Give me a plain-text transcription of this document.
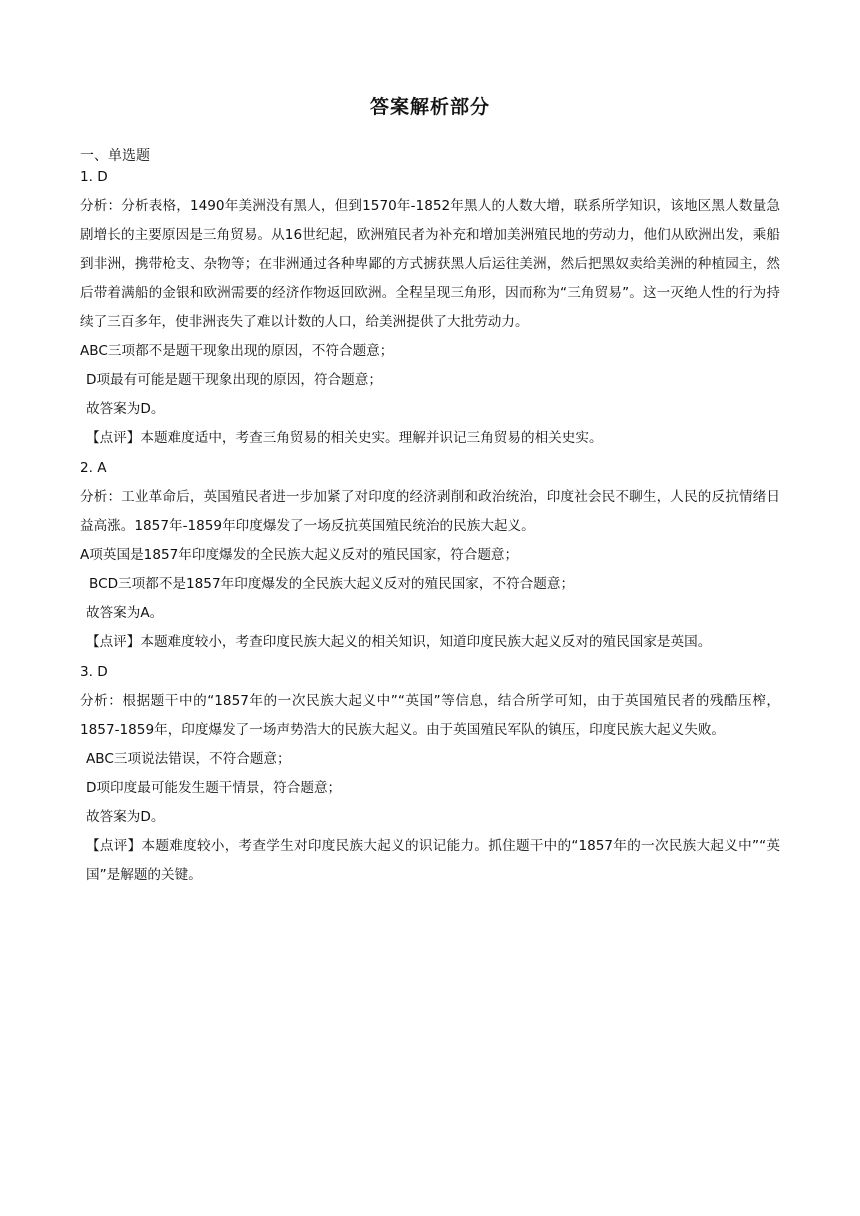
答案解析部分
一、单选题

1. D

分析：分析表格，1490年美洲没有黑人，但到1570年-1852年黑人的人数大增，联系所学知识，该地区黑人数量急剧增长的主要原因是三角贸易。从16世纪起，欧洲殖民者为补充和增加美洲殖民地的劳动力，他们从欧洲出发，乘船到非洲，携带枪支、杂物等；在非洲通过各种卑鄙的方式掳获黑人后运往美洲，然后把黑奴卖给美洲的种植园主，然后带着满船的金银和欧洲需要的经济作物返回欧洲。全程呈现三角形，因而称为“三角贸易”。这一灭绝人性的行为持续了三百多年，使非洲丧失了难以计数的人口，给美洲提供了大批劳动力。

ABC三项都不是题干现象出现的原因，不符合题意；

D项最有可能是题干现象出现的原因，符合题意；

故答案为D。

【点评】本题难度适中，考查三角贸易的相关史实。理解并识记三角贸易的相关史实。

2. A

分析：工业革命后，英国殖民者进一步加紧了对印度的经济剥削和政治统治，印度社会民不聊生，人民的反抗情绪日益高涨。1857年-1859年印度爆发了一场反抗英国殖民统治的民族大起义。

A项英国是1857年印度爆发的全民族大起义反对的殖民国家，符合题意；

BCD三项都不是1857年印度爆发的全民族大起义反对的殖民国家，不符合题意；

故答案为A。

【点评】本题难度较小，考查印度民族大起义的相关知识，知道印度民族大起义反对的殖民国家是英国。

3. D

分析：根据题干中的“1857年的一次民族大起义中”“英国”等信息，结合所学可知，由于英国殖民者的残酷压榨，1857-1859年，印度爆发了一场声势浩大的民族大起义。由于英国殖民军队的镇压，印度民族大起义失败。

ABC三项说法错误，不符合题意；

D项印度最可能发生题干情景，符合题意；

故答案为D。

【点评】本题难度较小，考查学生对印度民族大起义的识记能力。抓住题干中的“1857年的一次民族大起义中”“英国”是解题的关键。
